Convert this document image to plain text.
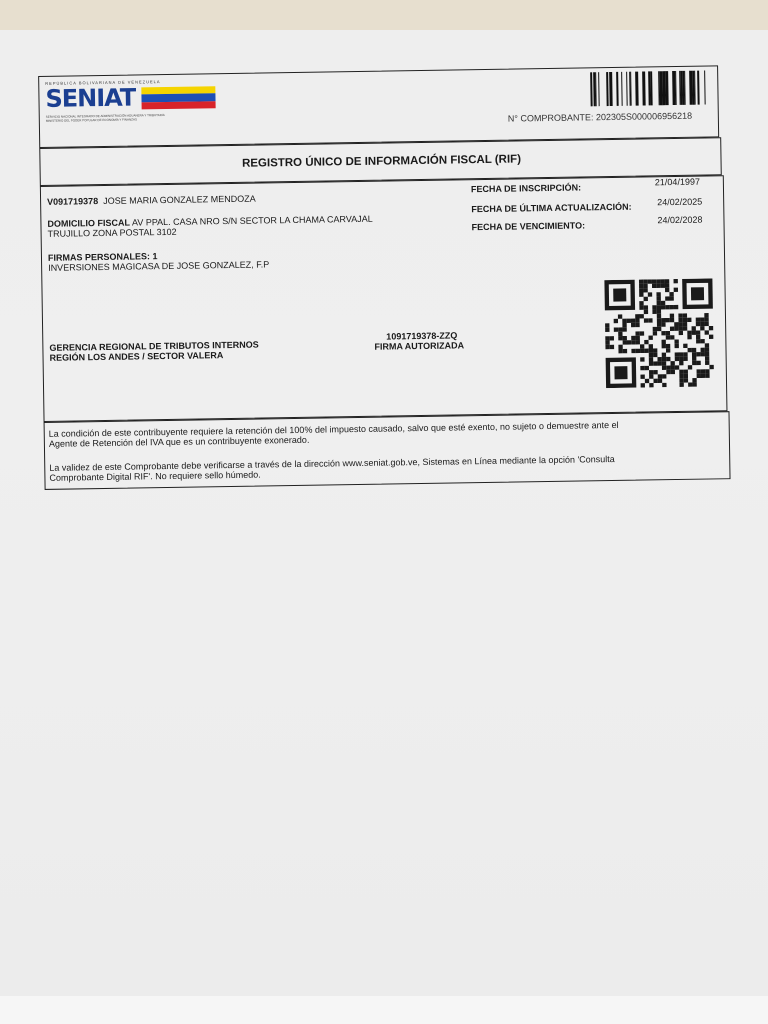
REPÚBLICA BOLIVARIANA DE VENEZUELA
SENIAT
SERVICIO NACIONAL INTEGRADO DE ADMINISTRACIÓN ADUANERA Y TRIBUTARIA
MINISTERIO DEL PODER POPULAR DE ECONOMÍA Y FINANZAS	N° COMPROBANTE: 202305S000006956218
REGISTRO ÚNICO DE INFORMACIÓN FISCAL (RIF)
V091719378 JOSE MARIA GONZALEZ MENDOZA
DOMICILIO FISCAL AV PPAL. CASA NRO S/N SECTOR LA CHAMA CARVAJAL
TRUJILLO ZONA POSTAL 3102
FIRMAS PERSONALES: 1
INVERSIONES MAGICASA DE JOSE GONZALEZ, F.P
FECHA DE INSCRIPCIÓN:
21/04/1997
FECHA DE ÚLTIMA ACTUALIZACIÓN:	24/02/2025
FECHA DE VENCIMIENTO:
24/02/2028
GERENCIA REGIONAL DE TRIBUTOS INTERNOS
REGIÓN LOS ANDES / SECTOR VALERA
1091719378-ZZQ
FIRMA AUTORIZADA
La condición de este contribuyente requiere la retención del 100% del impuesto causado, salvo que esté exento, no sujeto o demuestre ante el
Agente de Retención del IVA que es un contribuyente exonerado.
La validez de este Comprobante debe verificarse a través de la dirección www.seniat.gob.ve, Sistemas en Línea mediante la opción 'Consulta
Comprobante Digital RIF'. No requiere sello húmedo.
